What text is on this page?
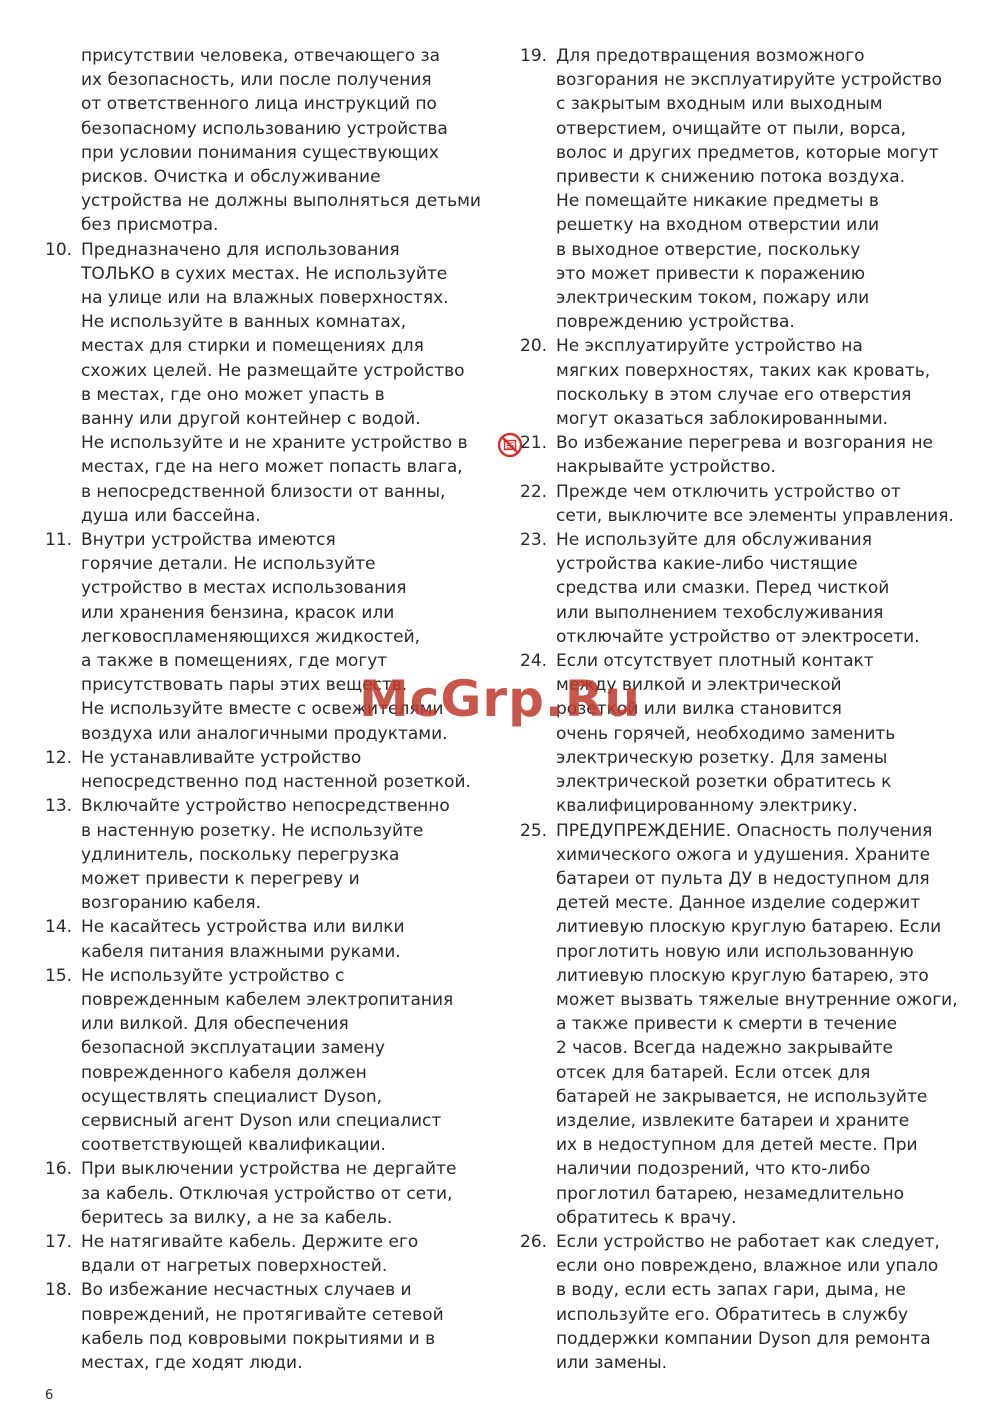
присутствии человека, отвечающего за
их безопасность, или после получения
от ответственного лица инструкций по
безопасному использованию устройства
при условии понимания существующих
рисков. Очистка и обслуживание
устройства не должны выполняться детьми
без присмотра.
10. Предназначено для использования
ТОЛЬКО в сухих местах. Не используйте
на улице или на влажных поверхностях.
Не используйте в ванных комнатах,
местах для стирки и помещениях для
схожих целей. Не размещайте устройство
в местах, где оно может упасть в
ванну или другой контейнер с водой.
Не используйте и не храните устройство в
местах, где на него может попасть влага,
в непосредственной близости от ванны,
душа или бассейна.
11. Внутри устройства имеются
горячие детали. Не используйте
устройство в местах использования
или хранения бензина, красок или
легковоспламеняющихся жидкостей,
а также в помещениях, где могут
присутствовать пары этих веществ.
Не используйте вместе с освежителями
воздуха или аналогичными продуктами.
12. Не устанавливайте устройство
непосредственно под настенной розеткой.
13. Включайте устройство непосредственно
в настенную розетку. Не используйте
удлинитель, поскольку перегрузка
может привести к перегреву и
возгоранию кабеля.
14. Не касайтесь устройства или вилки
кабеля питания влажными руками.
15. Не используйте устройство с
поврежденным кабелем электропитания
или вилкой. Для обеспечения
безопасной эксплуатации замену
поврежденного кабеля должен
осуществлять специалист Dyson,
сервисный агент Dyson или специалист
соответствующей квалификации.
16. При выключении устройства не дергайте
за кабель. Отключая устройство от сети,
беритесь за вилку, а не за кабель.
17. Не натягивайте кабель. Держите его
вдали от нагретых поверхностей.
18. Во избежание несчастных случаев и
повреждений, не протягивайте сетевой
кабель под ковровыми покрытиями и в
местах, где ходят люди.
19. Для предотвращения возможного
возгорания не эксплуатируйте устройство
с закрытым входным или выходным
отверстием, очищайте от пыли, ворса,
волос и других предметов, которые могут
привести к снижению потока воздуха.
Не помещайте никакие предметы в
решетку на входном отверстии или
в выходное отверстие, поскольку
это может привести к поражению
электрическим током, пожару или
повреждению устройства.
20. Не эксплуатируйте устройство на
мягких поверхностях, таких как кровать,
поскольку в этом случае его отверстия
могут оказаться заблокированными.
21. Во избежание перегрева и возгорания не
накрывайте устройство.
22. Прежде чем отключить устройство от
сети, выключите все элементы управления.
23. Не используйте для обслуживания
устройства какие-либо чистящие
средства или смазки. Перед чисткой
или выполнением техобслуживания
отключайте устройство от электросети.
24. Если отсутствует плотный контакт
между вилкой и электрической
розеткой или вилка становится
очень горячей, необходимо заменить
электрическую розетку. Для замены
электрической розетки обратитесь к
квалифицированному электрику.
25. ПРЕДУПРЕЖДЕНИЕ. Опасность получения
химического ожога и удушения. Храните
батареи от пульта ДУ в недоступном для
детей месте. Данное изделие содержит
литиевую плоскую круглую батарею. Если
проглотить новую или использованную
литиевую плоскую круглую батарею, это
может вызвать тяжелые внутренние ожоги,
а также привести к смерти в течение
2 часов. Всегда надежно закрывайте
отсек для батарей. Если отсек для
батарей не закрывается, не используйте
изделие, извлеките батареи и храните
их в недоступном для детей месте. При
наличии подозрений, что кто-либо
проглотил батарею, незамедлительно
обратитесь к врачу.
26. Если устройство не работает как следует,
если оно повреждено, влажное или упало
в воду, если есть запах гари, дыма, не
используйте его. Обратитесь в службу
поддержки компании Dyson для ремонта
или замены.
McGrp.Ru
6
